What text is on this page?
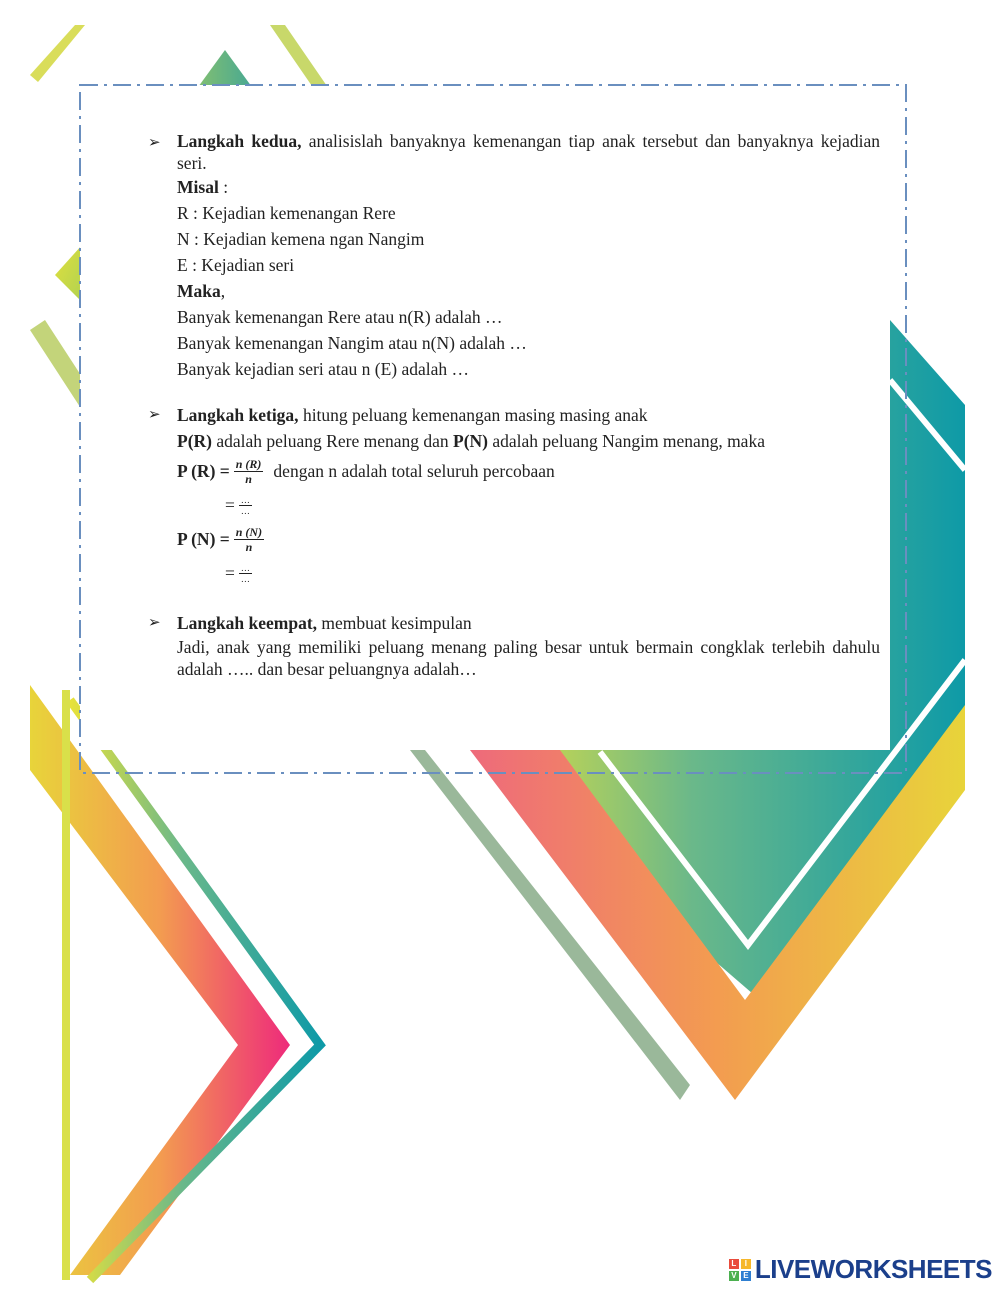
➢ Langkah kedua, analisislah banyaknya kemenangan tiap anak tersebut dan banyaknya kejadian seri.
Misal :
R : Kejadian kemenangan Rere
N : Kejadian kemena ngan Nangim
E : Kejadian seri
Maka,
Banyak kemenangan Rere atau n(R) adalah …
Banyak kemenangan Nangim atau n(N) adalah …
Banyak kejadian seri atau n (E) adalah …
➢ Langkah ketiga, hitung peluang kemenangan masing masing anak
P(R) adalah peluang Rere menang dan P(N) adalah peluang Nangim menang, maka
P $(R) = \frac{n (R)}{n}$ dengan n adalah total seluruh percobaan
= $\frac{\dots}{\dots}$
P $(N) = \frac{n (N)}{n}$
= $\frac{\dots}{\dots}$
➢ Langkah keempat, membuat kesimpulan
Jadi, anak yang memiliki peluang menang paling besar untuk bermain congklak terlebih dahulu adalah ….. dan besar peluangnya adalah…
L	I
V E LIVEWORKSHEETS
